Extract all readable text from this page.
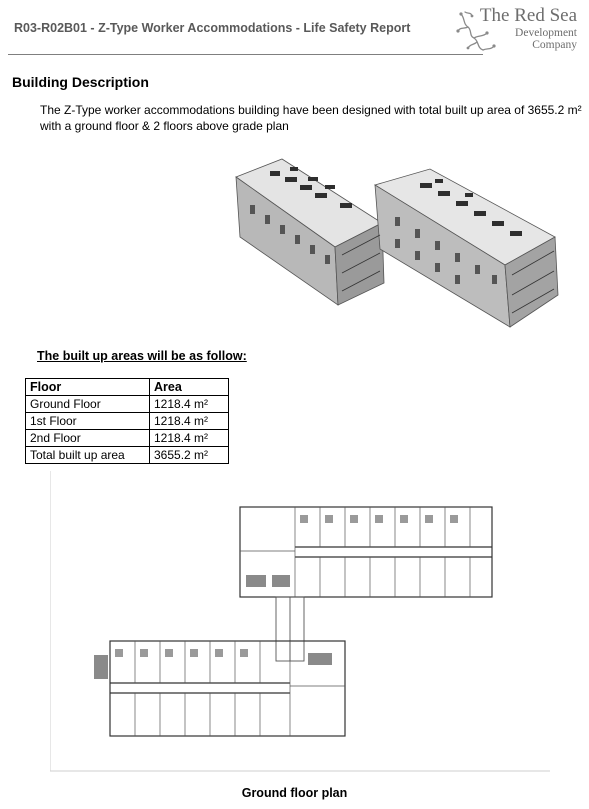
R03-R02B01 - Z-Type Worker Accommodations - Life Safety Report
The Red Sea
Development
Company
Building Description
The Z-Type worker accommodations building have been designed with total built up area of 3655.2 m² with a ground floor & 2 floors above grade plan
The built up areas will be as follow:
Floor	Area
Ground Floor	1218.4 m²
1st Floor	1218.4 m²
2nd Floor	1218.4 m²
Total built up area	3655.2 m²
Ground floor plan
